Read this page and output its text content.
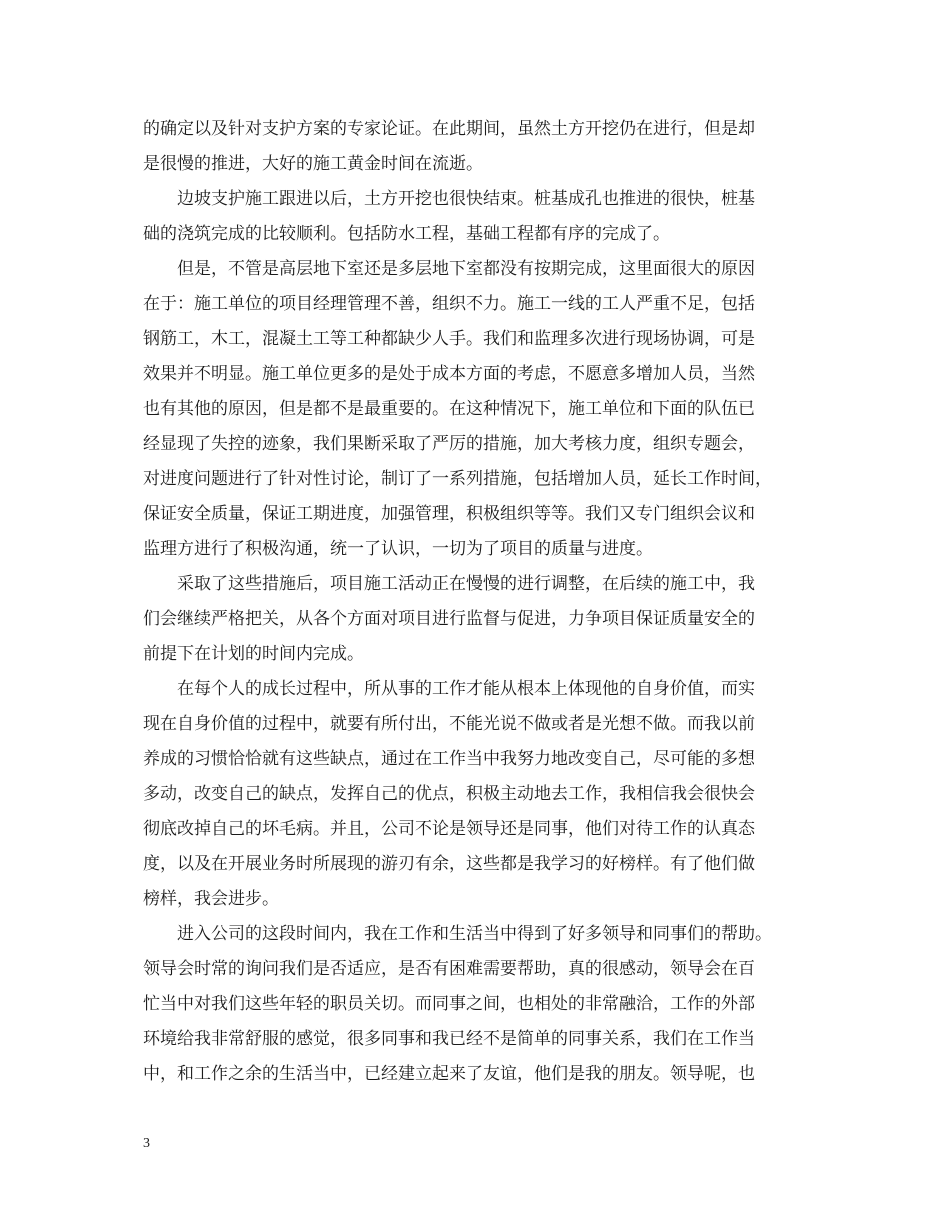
的确定以及针对支护方案的专家论证。在此期间，虽然土方开挖仍在进行，但是却
是很慢的推进，大好的施工黄金时间在流逝。
　　边坡支护施工跟进以后，土方开挖也很快结束。桩基成孔也推进的很快，桩基
础的浇筑完成的比较顺利。包括防水工程，基础工程都有序的完成了。
　　但是，不管是高层地下室还是多层地下室都没有按期完成，这里面很大的原因
在于：施工单位的项目经理管理不善，组织不力。施工一线的工人严重不足，包括
钢筋工，木工，混凝土工等工种都缺少人手。我们和监理多次进行现场协调，可是
效果并不明显。施工单位更多的是处于成本方面的考虑，不愿意多增加人员，当然
也有其他的原因，但是都不是最重要的。在这种情况下，施工单位和下面的队伍已
经显现了失控的迹象，我们果断采取了严厉的措施，加大考核力度，组织专题会，
对进度问题进行了针对性讨论，制订了一系列措施，包括增加人员，延长工作时间，
保证安全质量，保证工期进度，加强管理，积极组织等等。我们又专门组织会议和
监理方进行了积极沟通，统一了认识，一切为了项目的质量与进度。
　　采取了这些措施后，项目施工活动正在慢慢的进行调整，在后续的施工中，我
们会继续严格把关，从各个方面对项目进行监督与促进，力争项目保证质量安全的
前提下在计划的时间内完成。
　　在每个人的成长过程中，所从事的工作才能从根本上体现他的自身价值，而实
现在自身价值的过程中，就要有所付出，不能光说不做或者是光想不做。而我以前
养成的习惯恰恰就有这些缺点，通过在工作当中我努力地改变自己，尽可能的多想
多动，改变自己的缺点，发挥自己的优点，积极主动地去工作，我相信我会很快会
彻底改掉自己的坏毛病。并且，公司不论是领导还是同事，他们对待工作的认真态
度，以及在开展业务时所展现的游刃有余，这些都是我学习的好榜样。有了他们做
榜样，我会进步。
　　进入公司的这段时间内，我在工作和生活当中得到了好多领导和同事们的帮助。
领导会时常的询问我们是否适应，是否有困难需要帮助，真的很感动，领导会在百
忙当中对我们这些年轻的职员关切。而同事之间，也相处的非常融洽，工作的外部
环境给我非常舒服的感觉，很多同事和我已经不是简单的同事关系，我们在工作当
中，和工作之余的生活当中，已经建立起来了友谊，他们是我的朋友。领导呢，也
3
